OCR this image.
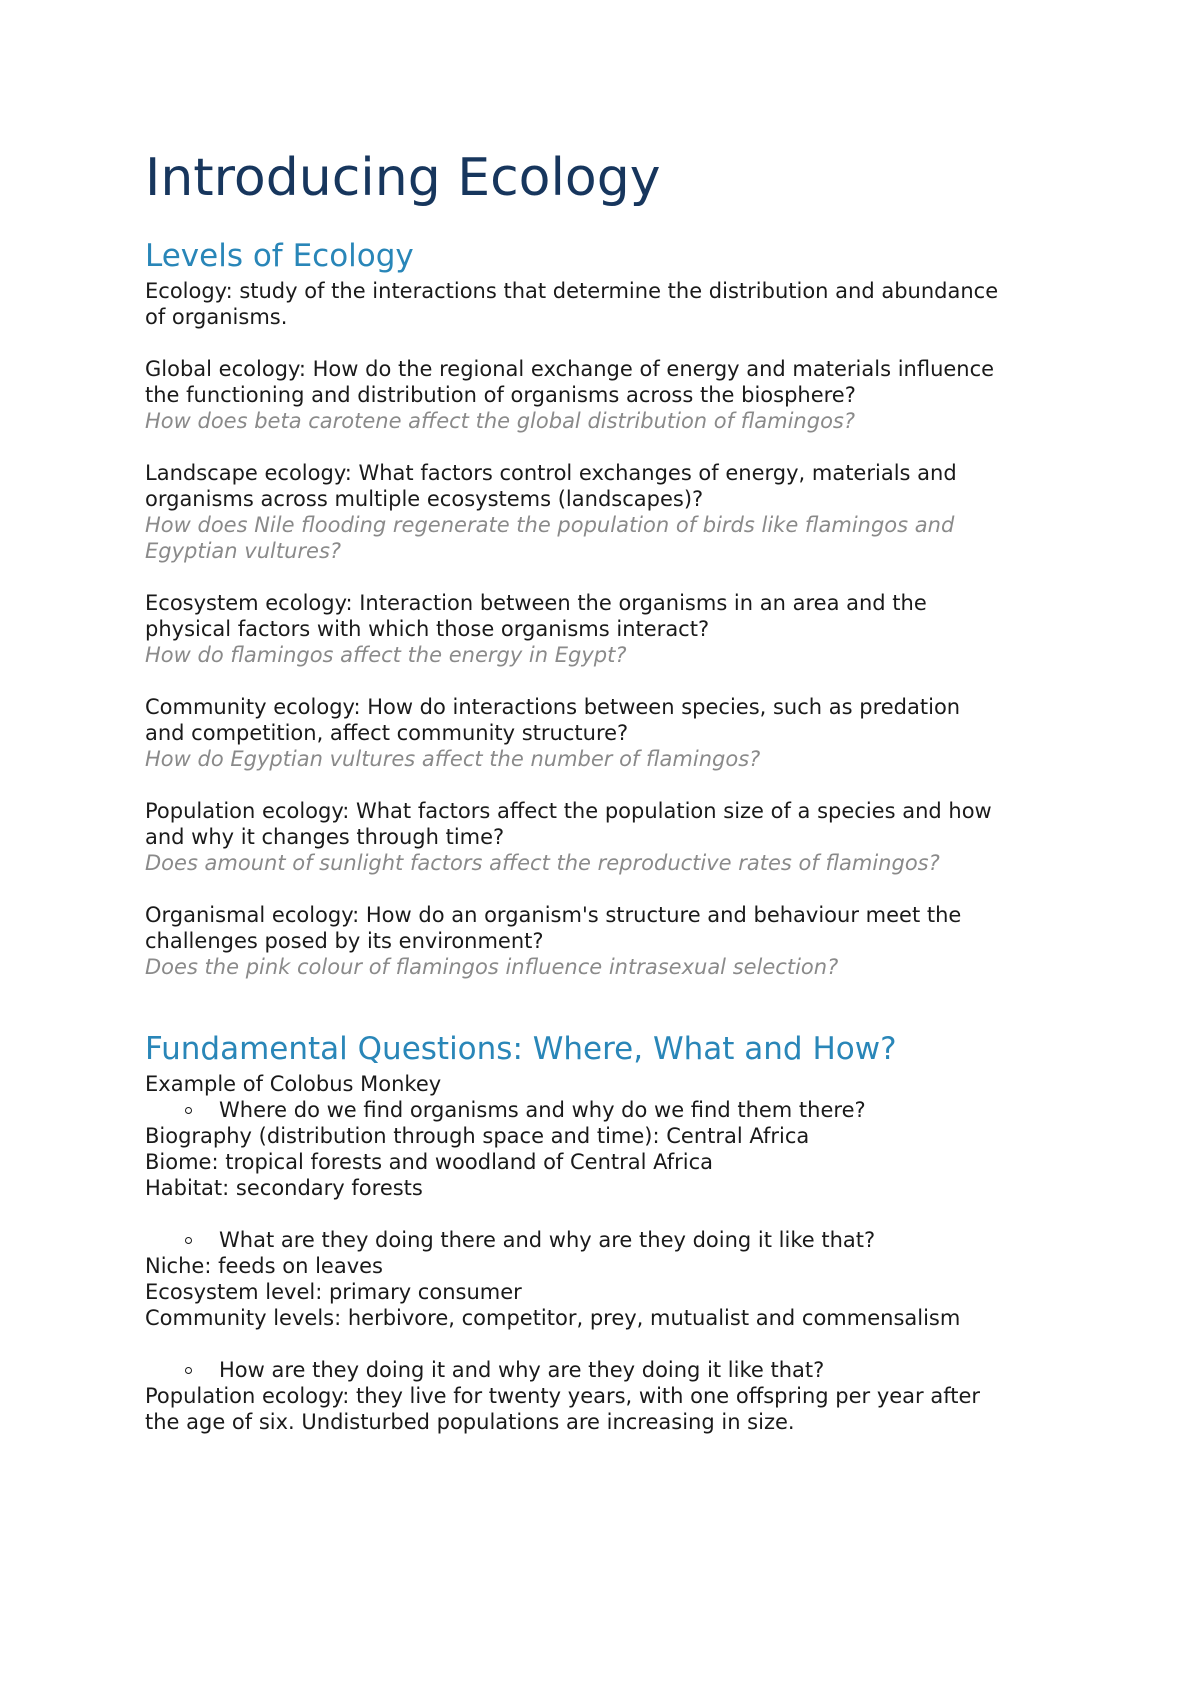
Introducing Ecology
Levels of Ecology

Ecology: study of the interactions that determine the distribution and abundance

of organisms.

Global ecology: How do the regional exchange of energy and materials influence

the functioning and distribution of organisms across the biosphere?

How does beta carotene affect the global distribution of flamingos?

Landscape ecology: What factors control exchanges of energy, materials and

organisms across multiple ecosystems (landscapes)?

How does Nile flooding regenerate the population of birds like flamingos and

Egyptian vultures?

Ecosystem ecology: Interaction between the organisms in an area and the

physical factors with which those organisms interact?

How do flamingos affect the energy in Egypt?

Community ecology: How do interactions between species, such as predation

and competition, affect community structure?

How do Egyptian vultures affect the number of flamingos?

Population ecology: What factors affect the population size of a species and how

and why it changes through time?

Does amount of sunlight factors affect the reproductive rates of flamingos?

Organismal ecology: How do an organism's structure and behaviour meet the

challenges posed by its environment?

Does the pink colour of flamingos influence intrasexual selection?

Fundamental Questions: Where, What and How?

Example of Colobus Monkey

Where do we find organisms and why do we find them there?

Biography (distribution through space and time): Central Africa

Biome: tropical forests and woodland of Central Africa

Habitat: secondary forests

What are they doing there and why are they doing it like that?

Niche: feeds on leaves

Ecosystem level: primary consumer

Community levels: herbivore, competitor, prey, mutualist and commensalism

How are they doing it and why are they doing it like that?

Population ecology: they live for twenty years, with one offspring per year after

the age of six. Undisturbed populations are increasing in size.
